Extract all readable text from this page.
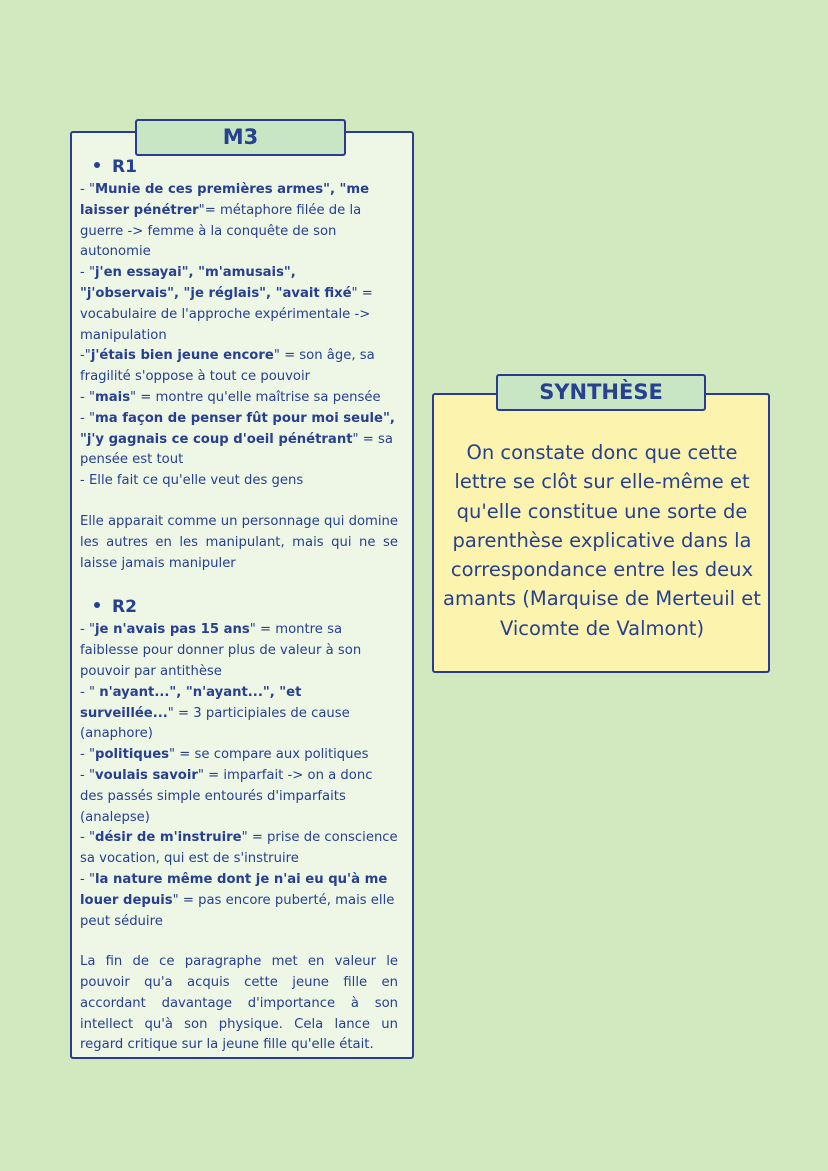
M3
R1

- "Munie de ces premières armes", "me laisser pénétrer"= métaphore filée de la guerre -> femme à la conquête de son autonomie

- "j'en essayai", "m'amusais", "j'observais", "je réglais", "avait fixé" = vocabulaire de l'approche expérimentale -> manipulation

-"j'étais bien jeune encore" = son âge, sa fragilité s'oppose à tout ce pouvoir

- "mais" = montre qu'elle maîtrise sa pensée

- "ma façon de penser fût pour moi seule", "j'y gagnais ce coup d'oeil pénétrant" = sa pensée est tout

- Elle fait ce qu'elle veut des gens

Elle apparait comme un personnage qui domine les autres en les manipulant, mais qui ne se laisse jamais manipuler

R2

- "je n'avais pas 15 ans" = montre sa faiblesse pour donner plus de valeur à son pouvoir par antithèse

- " n'ayant...", "n'ayant...", "et surveillée..." = 3 participiales de cause (anaphore)

- "politiques" = se compare aux politiques

- "voulais savoir" = imparfait -> on a donc des passés simple entourés d'imparfaits (analepse)

- "désir de m'instruire" = prise de conscience sa vocation, qui est de s'instruire

- "la nature même dont je n'ai eu qu'à me louer depuis" = pas encore puberté, mais elle peut séduire

La fin de ce paragraphe met en valeur le pouvoir qu'a acquis cette jeune fille en accordant davantage d'importance à son intellect qu'à son physique. Cela lance un regard critique sur la jeune fille qu'elle était.

SYNTHÈSE
On constate donc que cette lettre se clôt sur elle-même et qu'elle constitue une sorte de parenthèse explicative dans la correspondance entre les deux amants (Marquise de Merteuil et Vicomte de Valmont)
